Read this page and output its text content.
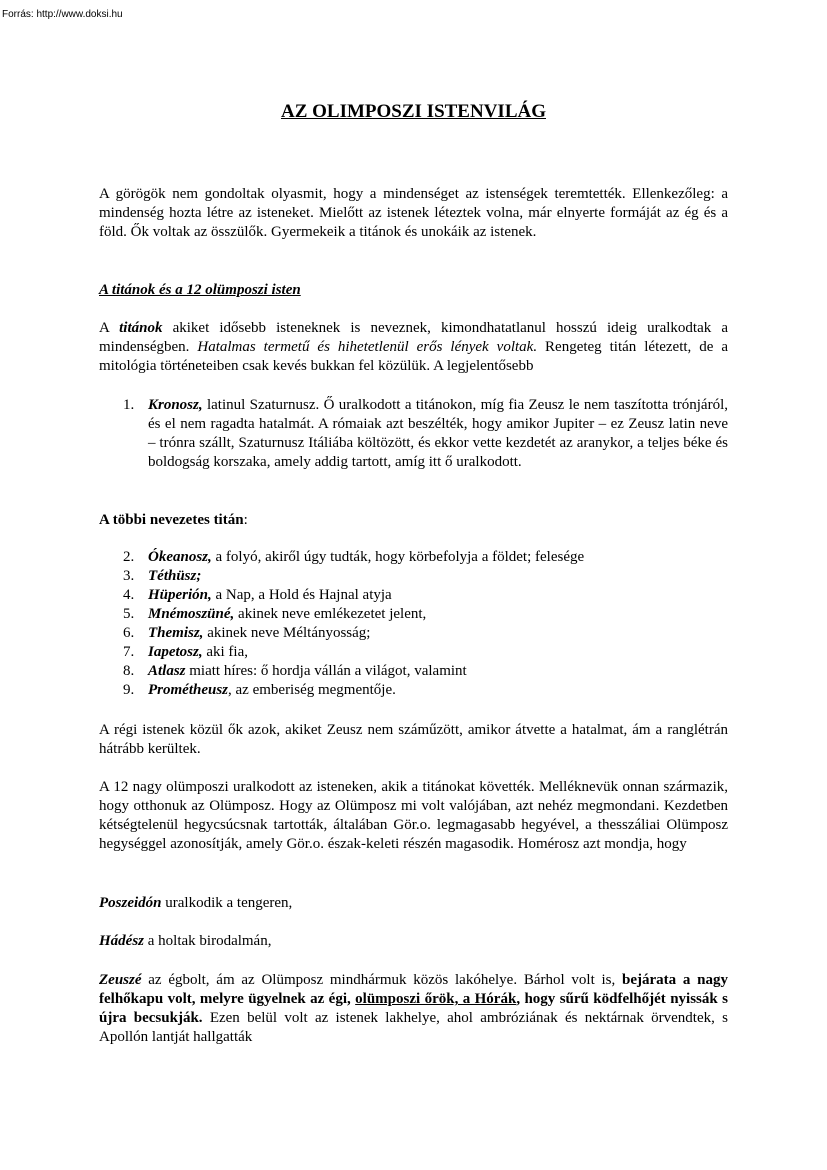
Forrás: http://www.doksi.hu
AZ OLIMPOSZI ISTENVILÁG
A görögök nem gondoltak olyasmit, hogy a mindenséget az istenségek teremtették. Ellenkezőleg: a mindenség hozta létre az isteneket. Mielőtt az istenek léteztek volna, már elnyerte formáját az ég és a föld. Ők voltak az összülők. Gyermekeik a titánok és unokáik az istenek.
A titánok és a 12 olümposzi isten
A titánok akiket idősebb isteneknek is neveznek, kimondhatatlanul hosszú ideig uralkodtak a mindenségben. Hatalmas termetű és hihetetlenül erős lények voltak. Rengeteg titán létezett, de a mitológia történeteiben csak kevés bukkan fel közülük. A legjelentősebb
1. Kronosz, latinul Szaturnusz. Ő uralkodott a titánokon, míg fia Zeusz le nem taszította trónjáról, és el nem ragadta hatalmát. A rómaiak azt beszélték, hogy amikor Jupiter – ez Zeusz latin neve – trónra szállt, Szaturnusz Itáliába költözött, és ekkor vette kezdetét az aranykor, a teljes béke és boldogság korszaka, amely addig tartott, amíg itt ő uralkodott.
A többi nevezetes titán:
2. Ókeanosz, a folyó, akiről úgy tudták, hogy körbefolyja a földet; felesége
3. Téthüsz;
4. Hüperión, a Nap, a Hold és Hajnal atyja
5. Mnémoszüné, akinek neve emlékezetet jelent,
6. Themisz, akinek neve Méltányosság;
7. Iapetosz, aki fia,
8. Atlasz miatt híres: ő hordja vállán a világot, valamint
9. Prométheusz, az emberiség megmentője.
A régi istenek közül ők azok, akiket Zeusz nem száműzött, amikor átvette a hatalmat, ám a ranglétrán hátrább kerültek.
A 12 nagy olümposzi uralkodott az isteneken, akik a titánokat követték. Melléknevük onnan származik, hogy otthonuk az Olümposz. Hogy az Olümposz mi volt valójában, azt nehéz megmondani. Kezdetben kétségtelenül hegycsúcsnak tartották, általában Gör.o. legmagasabb hegyével, a thesszáliai Olümposz hegységgel azonosítják, amely Gör.o. észak-keleti részén magasodik. Homérosz azt mondja, hogy
Poszeidón uralkodik a tengeren,
Hádész a holtak birodalmán,
Zeuszé az égbolt, ám az Olümposz mindhármuk közös lakóhelye. Bárhol volt is, bejárata a nagy felhőkapu volt, melyre ügyelnek az égi, olümposzi őrök, a Hórák, hogy sűrű ködfelhőjét nyissák s újra becsukják. Ezen belül volt az istenek lakhelye, ahol ambróziának és nektárnak örvendtek, s Apollón lantját hallgatták
